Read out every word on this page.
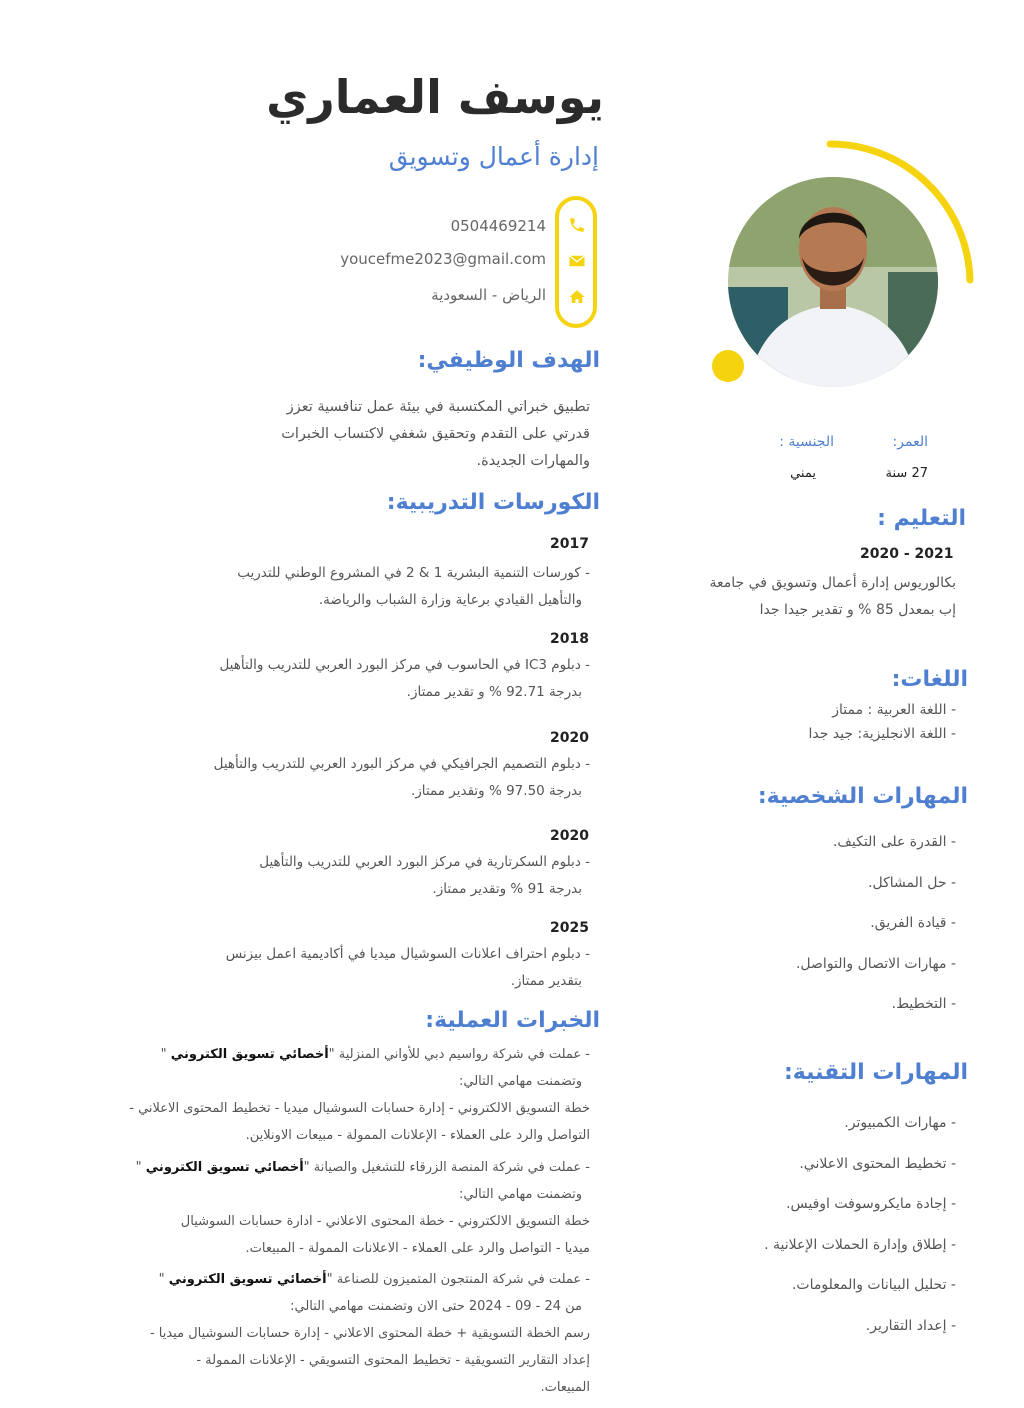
يوسف العماري
إدارة أعمال وتسويق
0504469214
youcefme2023@gmail.com
الرياض - السعودية
العمر:
27 سنة
الجنسية :
يمني
الهدف الوظيفي:
تطبيق خبراتي المكتسبة في بيئة عمل تنافسية تعزز
قدرتي على التقدم وتحقيق شغفي لاكتساب الخبرات
والمهارات الجديدة.
الكورسات التدريبية:
2017
- كورسات التنمية البشرية 1 & 2 في المشروع الوطني للتدريب
والتأهيل القيادي برعاية وزارة الشباب والرياضة.
2018
- دبلوم IC3 في الحاسوب في مركز البورد العربي للتدريب والتأهيل
بدرجة 92.71 % و تقدير ممتاز.
2020
- دبلوم التصميم الجرافيكي في مركز البورد العربي للتدريب والتأهيل
بدرجة 97.50 % وتقدير ممتاز.
2020
- دبلوم السكرتارية في مركز البورد العربي للتدريب والتأهيل
بدرجة 91 % وتقدير ممتاز.
2025
- دبلوم احتراف اعلانات السوشيال ميديا في أكاديمية اعمل بيزنس
بتقدير ممتاز.
الخبرات العملية:
- عملت في شركة رواسيم دبي للأواني المنزلية "أخصائي تسويق الكتروني "
وتضمنت مهامي التالي:
خطة التسويق الالكتروني - إدارة حسابات السوشيال ميديا - تخطيط المحتوى الاعلاني -
التواصل والرد على العملاء - الإعلانات الممولة - مبيعات الاونلاين.
- عملت في شركة المنصة الزرقاء للتشغيل والصيانة "أخصائي تسويق الكتروني "
وتضمنت مهامي التالي:
خطة التسويق الالكتروني - خطة المحتوى الاعلاني - ادارة حسابات السوشيال
ميديا - التواصل والرد على العملاء - الاعلانات الممولة - المبيعات.
- عملت في شركة المنتجون المتميزون للصناعة "أخصائي تسويق الكتروني "
من 24 - 09 - 2024 حتى الان وتضمنت مهامي التالي:
رسم الخطة التسويقية + خطة المحتوى الاعلاني - إدارة حسابات السوشيال ميديا -
إعداد التقارير التسويقية - تخطيط المحتوى التسويقي - الإعلانات الممولة -
المبيعات.
التعليم :
2020 - 2021
بكالوريوس إدارة أعمال وتسويق في جامعة
إب بمعدل 85 % و تقدير جيدا جدا
اللغات:
- اللغة العربية : ممتاز
- اللغة الانجليزية: جيد جدا
المهارات الشخصية:
- القدرة على التكيف.
- حل المشاكل.
- قيادة الفريق.
- مهارات الاتصال والتواصل.
- التخطيط.
المهارات التقنية:
- مهارات الكمبيوتر.
- تخطيط المحتوى الاعلاني.
- إجادة مايكروسوفت اوفيس.
- إطلاق وإدارة الحملات الإعلانية .
- تحليل البيانات والمعلومات.
- إعداد التقارير.
